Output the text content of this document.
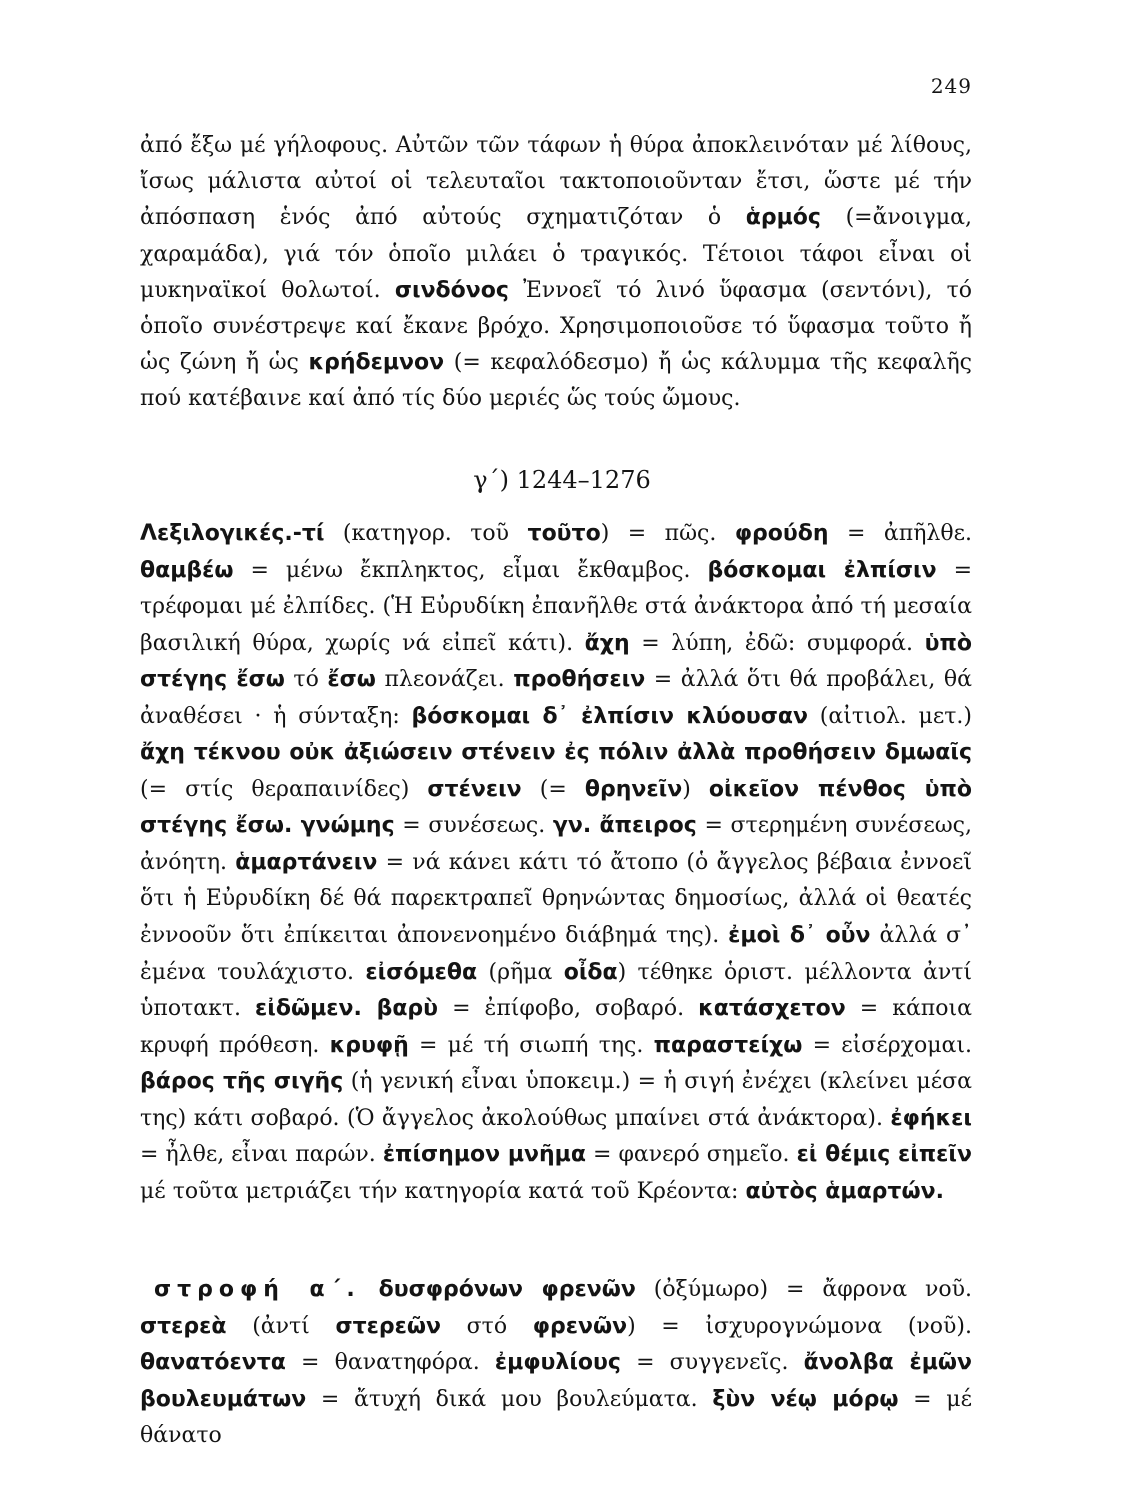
249

ἀπό ἔξω μέ γήλοφους. Αὐτῶν τῶν τάφων ἡ θύρα ἀποκλεινόταν μέ λίθους, ἴσως μάλιστα αὐτοί οἱ τελευταῖοι τακτοποιοῦνταν ἔτσι, ὥστε μέ τήν ἀπόσπαση ἑνός ἀπό αὐτούς σχηματιζόταν ὁ ἁρμός (=ἄνοιγμα, χαραμάδα), γιά τόν ὁποῖο μιλάει ὁ τραγικός. Τέτοιοι τάφοι εἶναι οἱ μυκηναϊκοί θολωτοί. σινδόνος Ἐννοεῖ τό λινό ὕφασμα (σεντόνι), τό ὁποῖο συνέστρεψε καί ἔκανε βρόχο. Χρησιμοποιοῦσε τό ὕφασμα τοῦτο ἤ ὡς ζώνη ἤ ὡς κρήδεμνον (= κεφαλόδεσμο) ἤ ὡς κάλυμμα τῆς κεφαλῆς πού κατέβαινε καί ἀπό τίς δύο μεριές ὥς τούς ὤμους.

γ΄) 1244–1276

Λεξιλογικές.-τί (κατηγορ. τοῦ τοῦτο) = πῶς. φρούδη = ἀπῆλθε. θαμβέω = μένω ἔκπληκτος, εἶμαι ἔκθαμβος. βόσκομαι ἐλπίσιν = τρέφομαι μέ ἐλπίδες. (Ἡ Εὐρυδίκη ἐπανῆλθε στά ἀνάκτορα ἀπό τή μεσαία βασιλική θύρα, χωρίς νά εἰπεῖ κάτι). ἄχη = λύπη, ἐδῶ: συμφορά. ὑπὸ στέγης ἔσω τό ἔσω πλεονάζει. προθήσειν = ἀλλά ὅτι θά προβάλει, θά ἀναθέσει · ἡ σύνταξη: βόσκομαι δ᾿ ἐλπίσιν κλύουσαν (αἰτιολ. μετ.) ἄχη τέκνου οὐκ ἀξιώσειν στένειν ἐς πόλιν ἀλλὰ προθήσειν δμωαῖς (= στίς θεραπαινίδες) στένειν (= θρηνεῖν) οἰκεῖον πένθος ὑπὸ στέγης ἔσω. γνώμης = συνέσεως. γν. ἄπειρος = στερημένη συνέσεως, ἀνόητη. ἁμαρτάνειν = νά κάνει κάτι τό ἄτοπο (ὁ ἄγγελος βέβαια ἐννοεῖ ὅτι ἡ Εὐρυδίκη δέ θά παρεκτραπεῖ θρηνώντας δημοσίως, ἀλλά οἱ θεατές ἐννοοῦν ὅτι ἐπίκειται ἀπονενοημένο διάβημά της). ἐμοὶ δ᾿ οὖν ἀλλά σ᾿ ἐμένα τουλάχιστο. εἰσόμεθα (ρῆμα οἶδα) τέθηκε ὁριστ. μέλλοντα ἀντί ὑποτακτ. εἰδῶμεν. βαρὺ = ἐπίφοβο, σοβαρό. κατάσχετον = κάποια κρυφή πρόθεση. κρυφῇ = μέ τή σιωπή της. παραστείχω = εἰσέρχομαι. βάρος τῆς σιγῆς (ἡ γενική εἶναι ὑποκειμ.) = ἡ σιγή ἐνέχει (κλείνει μέσα της) κάτι σοβαρό. (Ὁ ἄγγελος ἀκολούθως μπαίνει στά ἀνάκτορα). ἐφήκει = ἦλθε, εἶναι παρών. ἐπίσημον μνῆμα = φανερό σημεῖο. εἰ θέμις εἰπεῖν μέ τοῦτα μετριάζει τήν κατηγορία κατά τοῦ Κρέοντα: αὐτὸς ἁμαρτών.

στροφή α΄. δυσφρόνων φρενῶν (ὀξύμωρο) = ἄφρονα νοῦ. στερεὰ (ἀντί στερεῶν στό φρενῶν) = ἰσχυρογνώμονα (νοῦ). θανατόεντα = θανατηφόρα. ἐμφυλίους = συγγενεῖς. ἄνολβα ἐμῶν βουλευμάτων = ἄτυχή δικά μου βουλεύματα. ξὺν νέῳ μόρῳ = μέ θάνατο
